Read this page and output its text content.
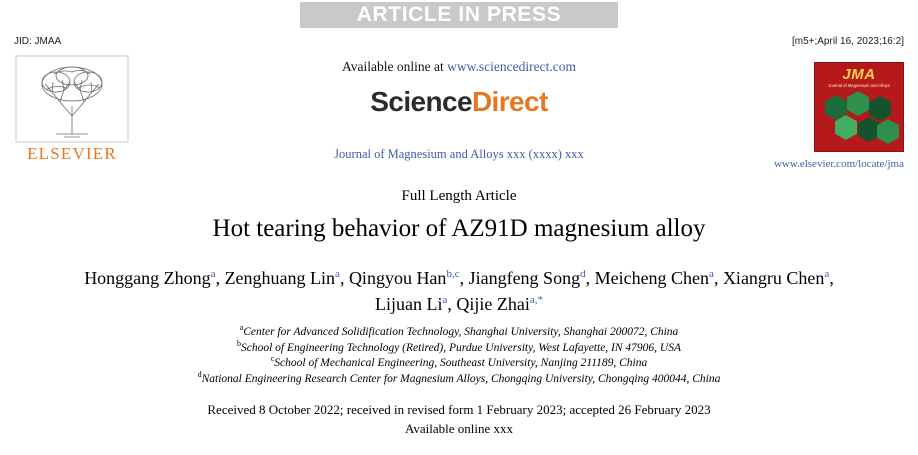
ARTICLE IN PRESS
JID: JMAA	[m5+;April 16, 2023;16:2]
ELSEVIER
Available online at www.sciencedirect.com
ScienceDirect
Journal of Magnesium and Alloys xxx (xxxx) xxx
JMA
Journal of Magnesium and Alloys
www.elsevier.com/locate/jma
Full Length Article
Hot tearing behavior of AZ91D magnesium alloy
Honggang Zhong$^a$, Zenghuang Lin$^a$, Qingyou Han$^{b,c}$, Jiangfeng Song$^d$, Meicheng Chen$^a$, Xiangru Chen$^a$, Lijuan Li$^a$, Qijie Zhai$^{a,*}$
$^a$Center for Advanced Solidification Technology, Shanghai University, Shanghai 200072, China
$^b$School of Engineering Technology (Retired), Purdue University, West Lafayette, IN 47906, USA
$^c$School of Mechanical Engineering, Southeast University, Nanjing 211189, China
$^d$National Engineering Research Center for Magnesium Alloys, Chongqing University, Chongqing 400044, China
Received 8 October 2022; received in revised form 1 February 2023; accepted 26 February 2023
Available online xxx
